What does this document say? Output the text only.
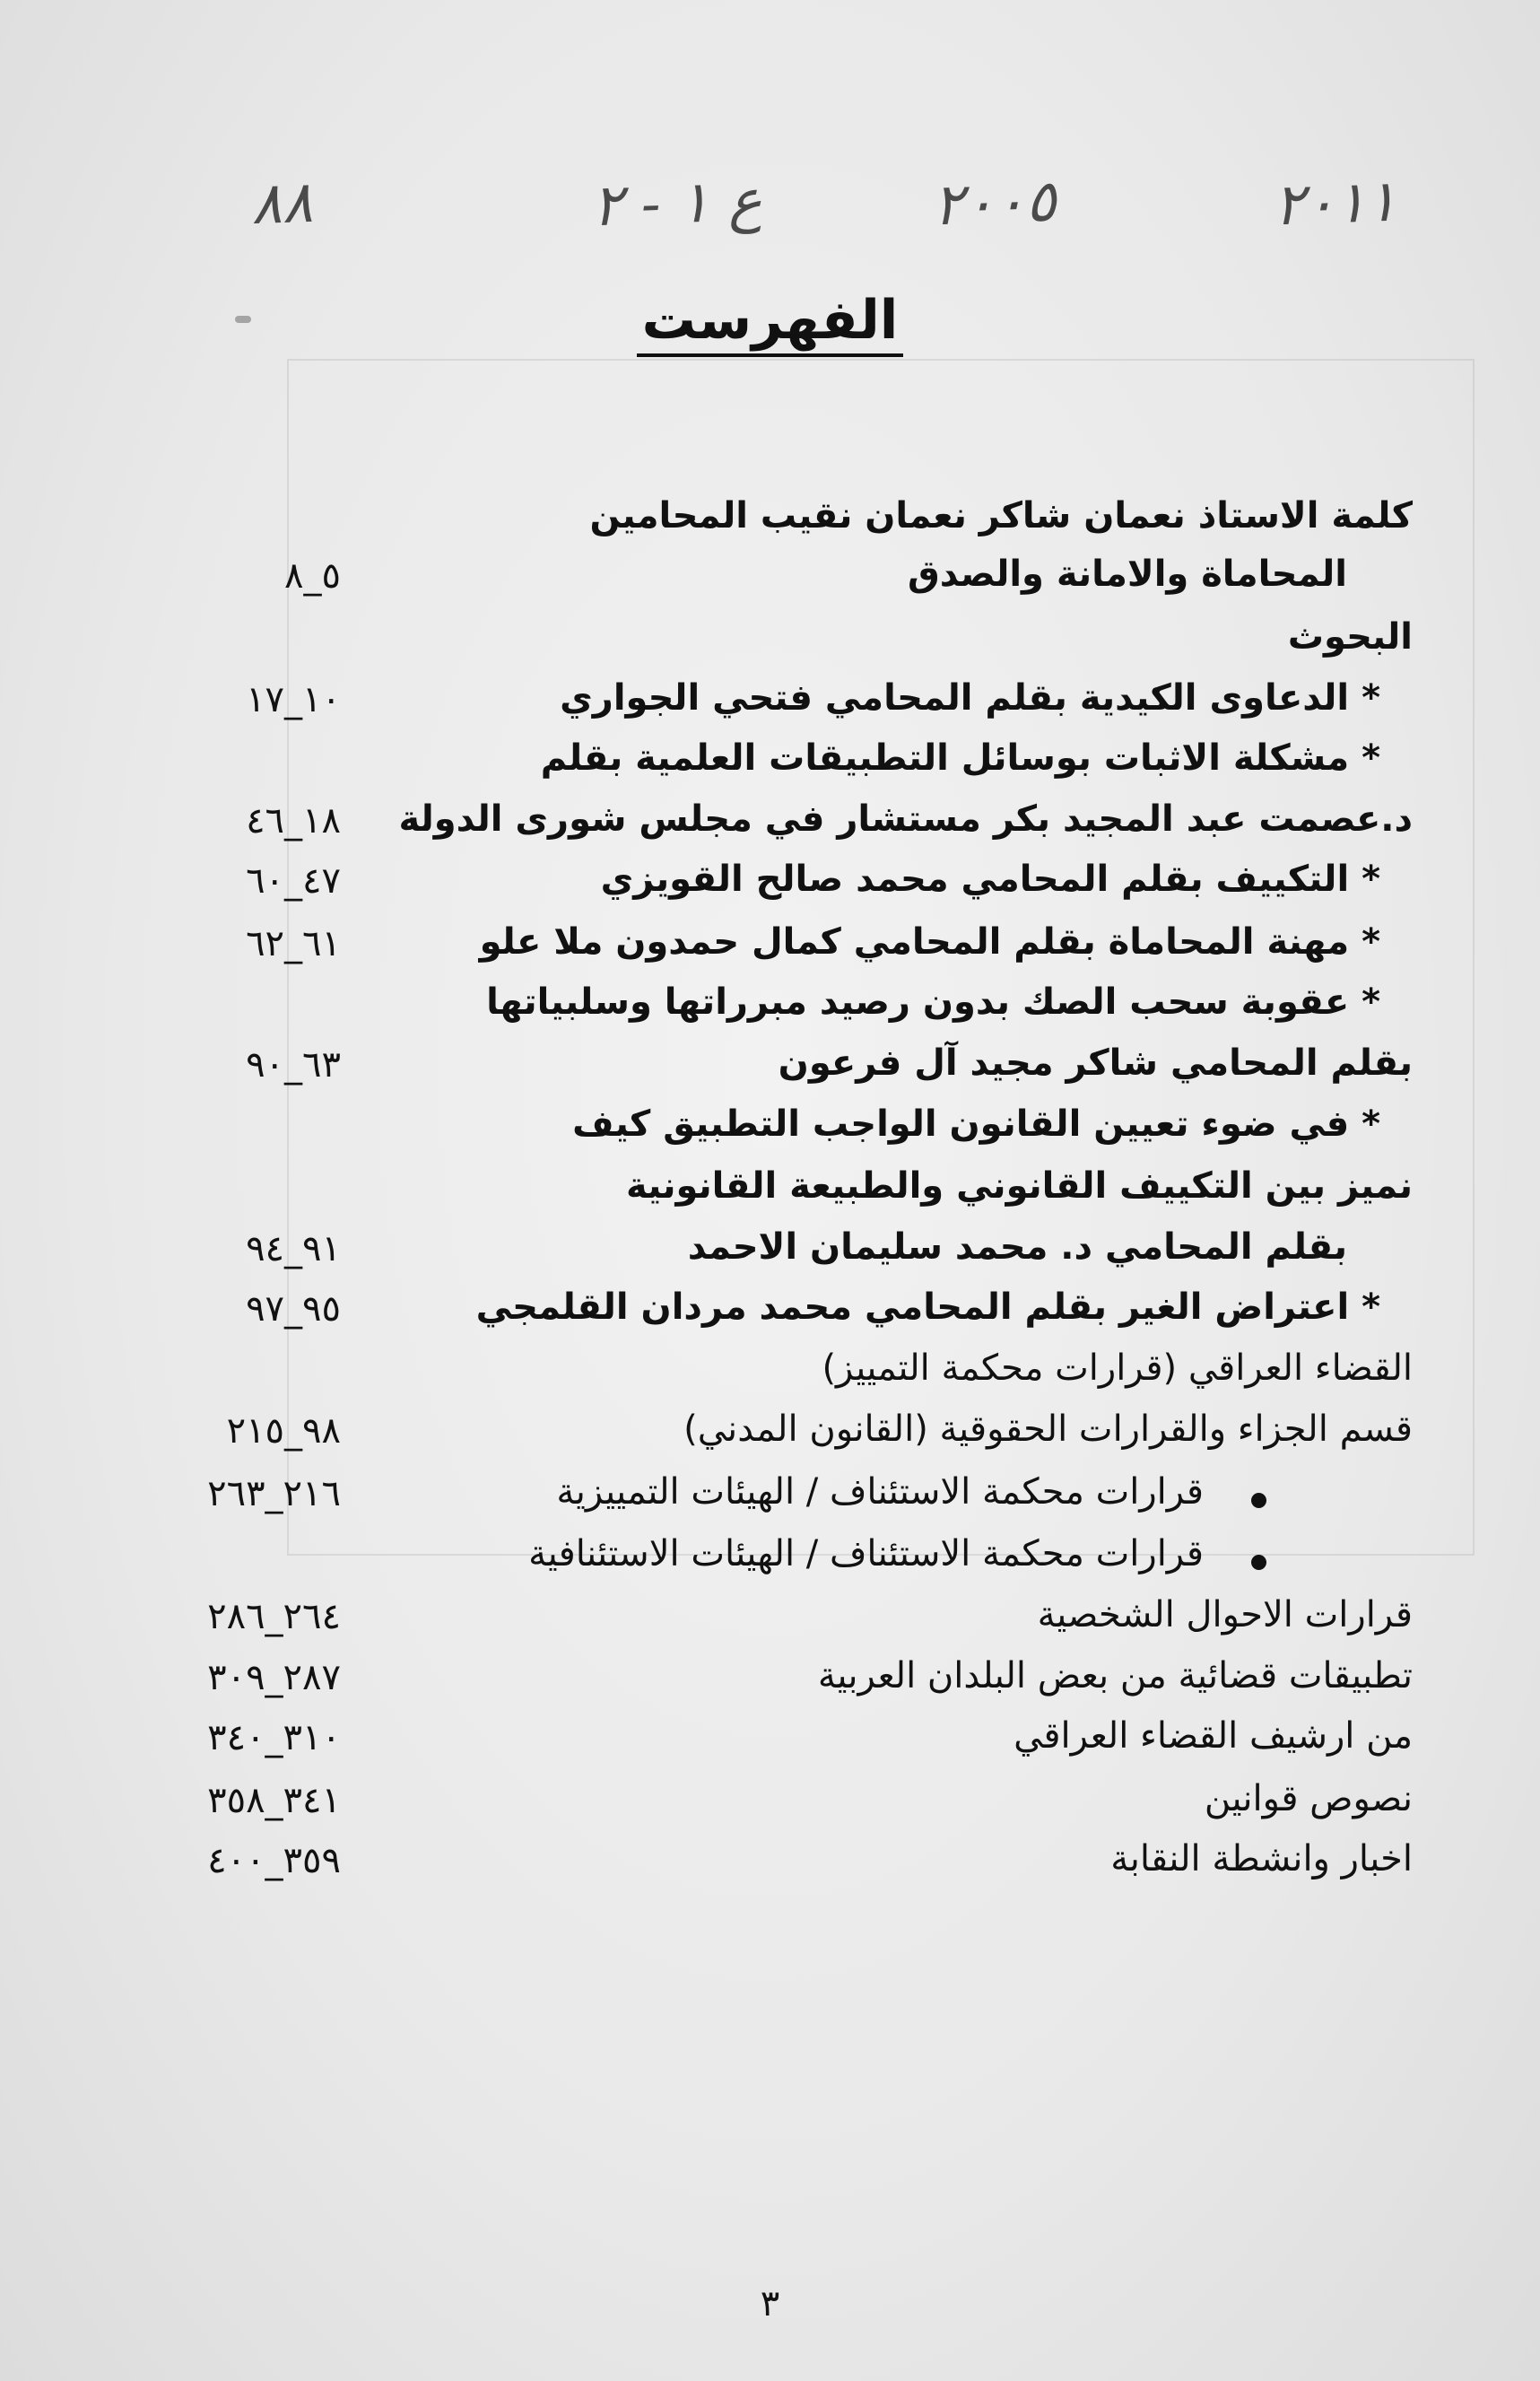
٢٠١١
٢٠٠٥
ع ١ - ٢
٨٨
الفهرست
كلمة الاستاذ نعمان شاكر نعمان نقيب المحامين
المحاماة والامانة والصدق
٥_٨
البحوث
* الدعاوى الكيدية بقلم المحامي فتحي الجواري
١٠_١٧
* مشكلة الاثبات بوسائل التطبيقات العلمية بقلم
د.عصمت عبد المجيد بكر مستشار في مجلس شورى الدولة
١٨_٤٦
* التكييف بقلم المحامي محمد صالح القويزي
٤٧_٦٠
* مهنة المحاماة بقلم المحامي كمال حمدون ملا علو
٦١_٦٢
* عقوبة سحب الصك بدون رصيد مبرراتها وسلبياتها
بقلم المحامي شاكر مجيد آل فرعون
٦٣_٩٠
* في ضوء تعيين القانون الواجب التطبيق كيف
نميز بين التكييف القانوني والطبيعة القانونية
بقلم المحامي د. محمد سليمان الاحمد
٩١_٩٤
* اعتراض الغير بقلم المحامي محمد مردان القلمجي
٩٥_٩٧
القضاء العراقي (قرارات محكمة التمييز)
قسم الجزاء والقرارات الحقوقية (القانون المدني)
٩٨_٢١٥
قرارات محكمة الاستئناف / الهيئات التمييزية
٢١٦_٢٦٣
قرارات محكمة الاستئناف / الهيئات الاستئنافية
قرارات الاحوال الشخصية
٢٦٤_٢٨٦
تطبيقات قضائية من بعض البلدان العربية
٢٨٧_٣٠٩
من ارشيف القضاء العراقي
٣١٠_٣٤٠
نصوص قوانين
٣٤١_٣٥٨
اخبار وانشطة النقابة
٣٥٩_٤٠٠
٣
